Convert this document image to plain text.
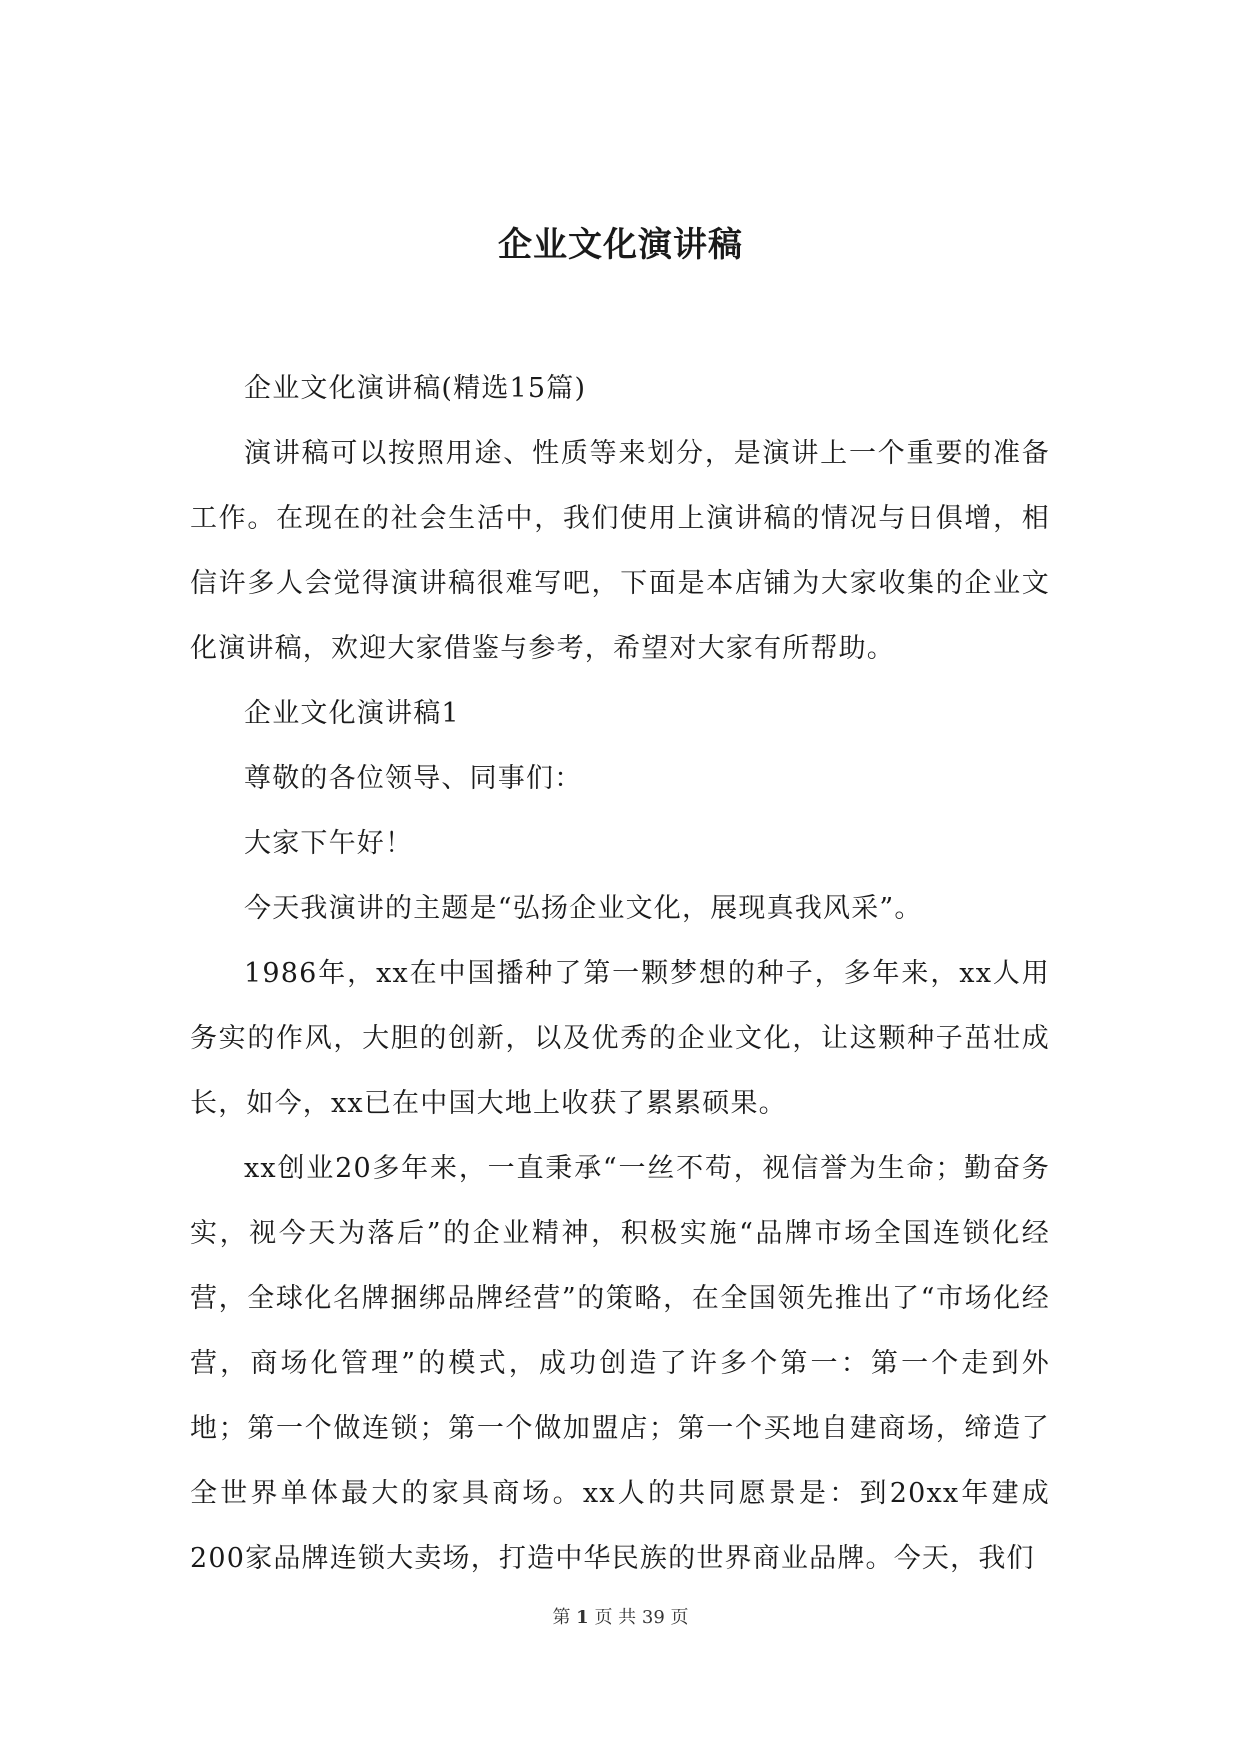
企业文化演讲稿

企业文化演讲稿(精选15篇)

演讲稿可以按照用途、性质等来划分，是演讲上一个重要的准备工作。在现在的社会生活中，我们使用上演讲稿的情况与日俱增，相信许多人会觉得演讲稿很难写吧，下面是本店铺为大家收集的企业文化演讲稿，欢迎大家借鉴与参考，希望对大家有所帮助。

企业文化演讲稿1

尊敬的各位领导、同事们：

大家下午好！

今天我演讲的主题是“弘扬企业文化，展现真我风采”。

1986年，xx在中国播种了第一颗梦想的种子，多年来，xx人用务实的作风，大胆的创新，以及优秀的企业文化，让这颗种子茁壮成长，如今，xx已在中国大地上收获了累累硕果。

xx创业20多年来，一直秉承“一丝不苟，视信誉为生命；勤奋务实，视今天为落后”的企业精神，积极实施“品牌市场全国连锁化经营，全球化名牌捆绑品牌经营”的策略，在全国领先推出了“市场化经营，商场化管理”的模式，成功创造了许多个第一：第一个走到外地；第一个做连锁；第一个做加盟店；第一个买地自建商场，缔造了全世界单体最大的家具商场。xx人的共同愿景是：到20xx年建成200家品牌连锁大卖场，打造中华民族的世界商业品牌。今天，我们

第 1 页 共 39 页
